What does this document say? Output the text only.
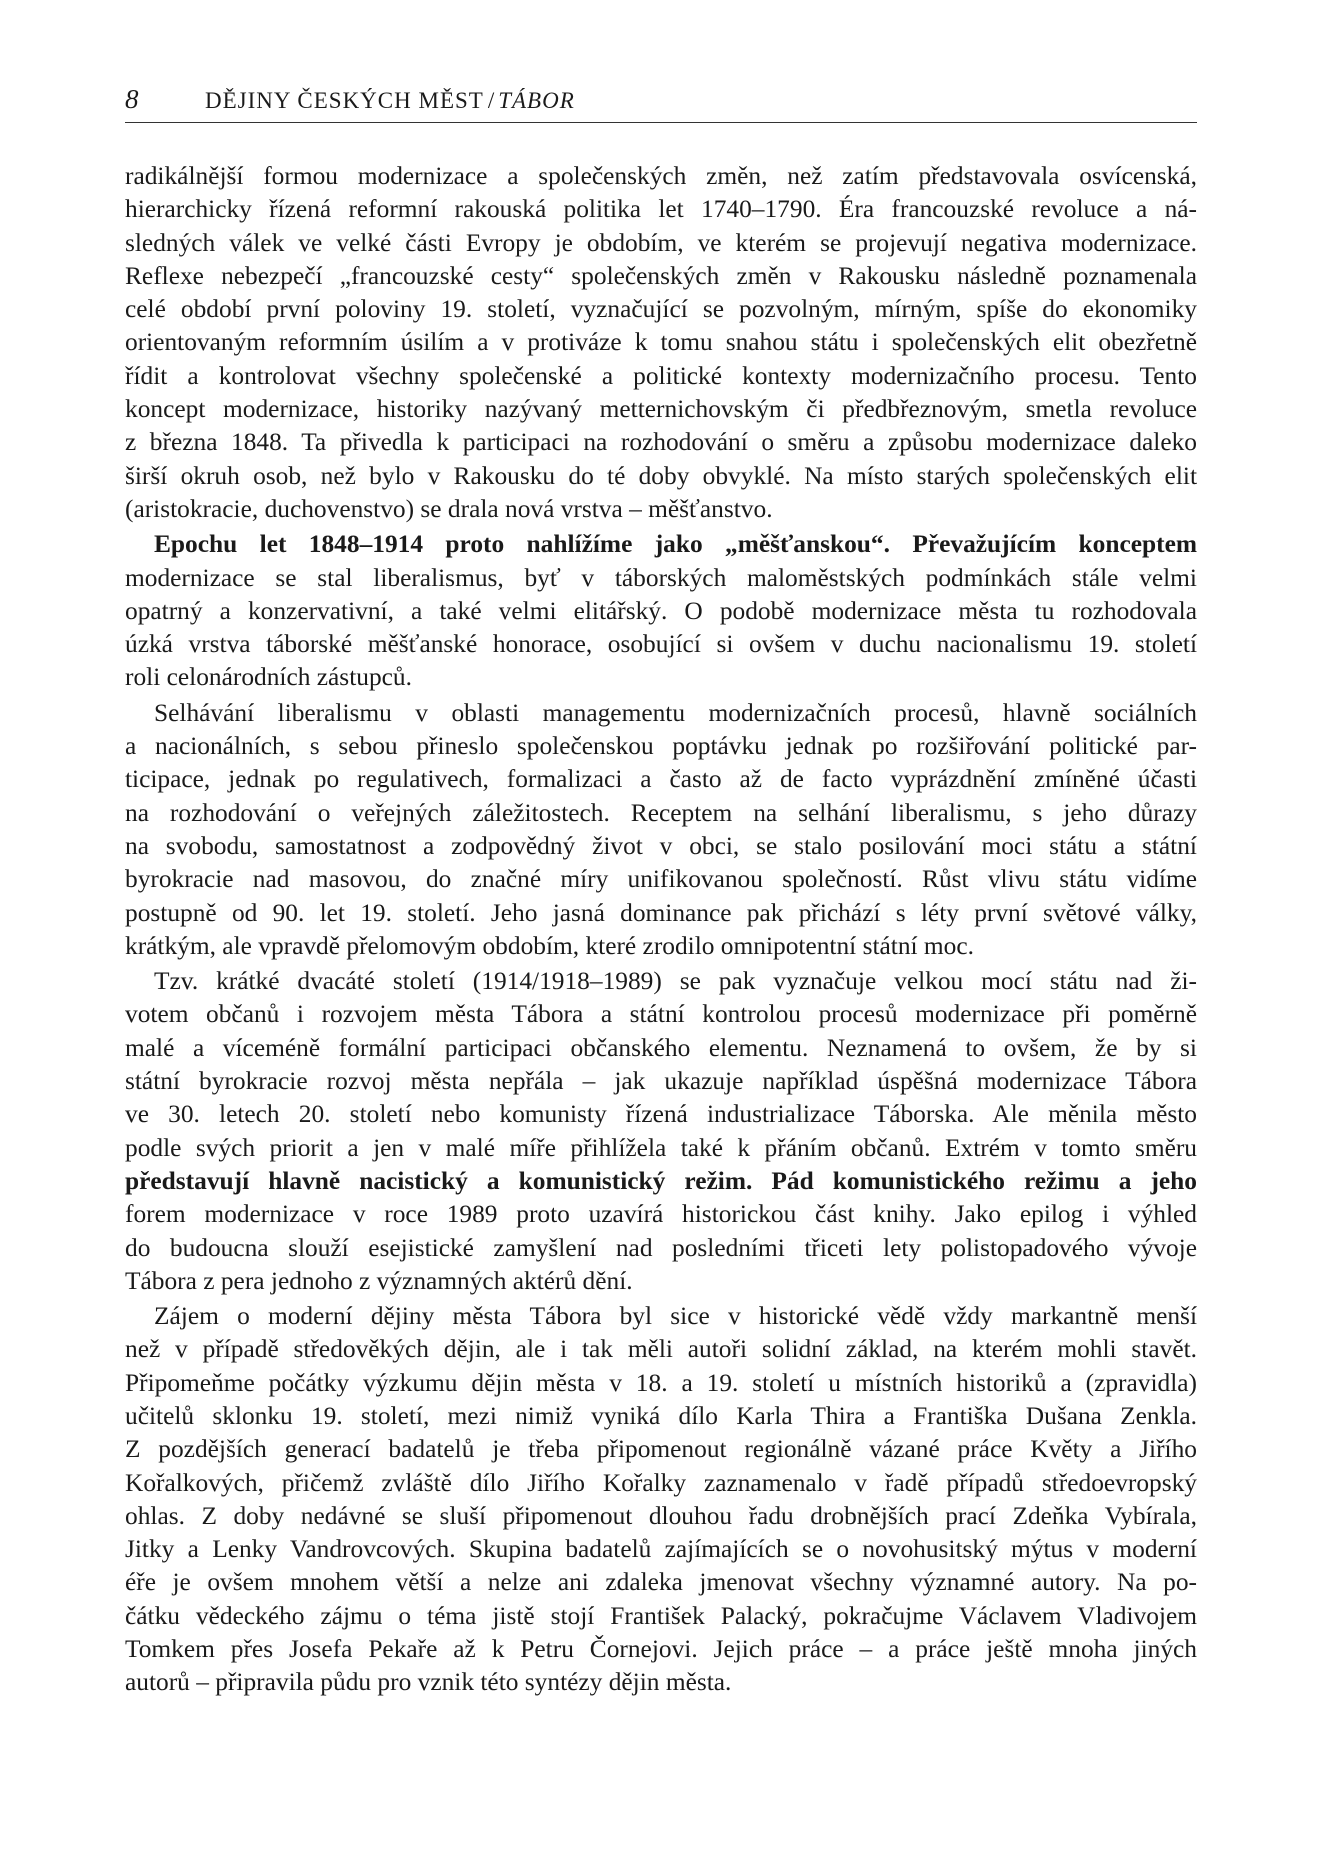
8	DĚJINY ČESKÝCH MĚST / TÁBOR
radikálnější formou modernizace a společenských změn, než zatím představovala osvícenská,
hierarchicky řízená reformní rakouská politika let 1740–1790. Éra francouzské revoluce a ná-
sledných válek ve velké části Evropy je obdobím, ve kterém se projevují negativa modernizace.
Reflexe nebezpečí „francouzské cesty“ společenských změn v Rakousku následně poznamenala
celé období první poloviny 19. století, vyznačující se pozvolným, mírným, spíše do ekonomiky
orientovaným reformním úsilím a v protiváze k tomu snahou státu i společenských elit obezřetně
řídit a kontrolovat všechny společenské a politické kontexty modernizačního procesu. Tento
koncept modernizace, historiky nazývaný metternichovským či předbřeznovým, smetla revoluce
z března 1848. Ta přivedla k participaci na rozhodování o směru a způsobu modernizace daleko
širší okruh osob, než bylo v Rakousku do té doby obvyklé. Na místo starých společenských elit
(aristokracie, duchovenstvo) se drala nová vrstva – měšťanstvo.
Epochu let 1848–1914 proto nahlížíme jako „měšťanskou“. Převažujícím konceptem
modernizace se stal liberalismus, byť v táborských maloměstských podmínkách stále velmi
opatrný a konzervativní, a také velmi elitářský. O podobě modernizace města tu rozhodovala
úzká vrstva táborské měšťanské honorace, osobující si ovšem v duchu nacionalismu 19. století
roli celonárodních zástupců.
Selhávání liberalismu v oblasti managementu modernizačních procesů, hlavně sociálních
a nacionálních, s sebou přineslo společenskou poptávku jednak po rozšiřování politické par-
ticipace, jednak po regulativech, formalizaci a často až de facto vyprázdnění zmíněné účasti
na rozhodování o veřejných záležitostech. Receptem na selhání liberalismu, s jeho důrazy
na svobodu, samostatnost a zodpovědný život v obci, se stalo posilování moci státu a státní
byrokracie nad masovou, do značné míry unifikovanou společností. Růst vlivu státu vidíme
postupně od 90. let 19. století. Jeho jasná dominance pak přichází s léty první světové války,
krátkým, ale vpravdě přelomovým obdobím, které zrodilo omnipotentní státní moc.
Tzv. krátké dvacáté století (1914/1918–1989) se pak vyznačuje velkou mocí státu nad ži-
votem občanů i rozvojem města Tábora a státní kontrolou procesů modernizace při poměrně
malé a víceméně formální participaci občanského elementu. Neznamená to ovšem, že by si
státní byrokracie rozvoj města nepřála – jak ukazuje například úspěšná modernizace Tábora
ve 30. letech 20. století nebo komunisty řízená industrializace Táborska. Ale měnila město
podle svých priorit a jen v malé míře přihlížela také k přáním občanů. Extrém v tomto směru
představují hlavně nacistický a komunistický režim. Pád komunistického režimu a jeho
forem modernizace v roce 1989 proto uzavírá historickou část knihy. Jako epilog i výhled
do budoucna slouží esejistické zamyšlení nad posledními třiceti lety polistopadového vývoje
Tábora z pera jednoho z významných aktérů dění.
Zájem o moderní dějiny města Tábora byl sice v historické vědě vždy markantně menší
než v případě středověkých dějin, ale i tak měli autoři solidní základ, na kterém mohli stavět.
Připomeňme počátky výzkumu dějin města v 18. a 19. století u místních historiků a (zpravidla)
učitelů sklonku 19. století, mezi nimiž vyniká dílo Karla Thira a Františka Dušana Zenkla.
Z pozdějších generací badatelů je třeba připomenout regionálně vázané práce Květy a Jiřího
Kořalkových, přičemž zvláště dílo Jiřího Kořalky zaznamenalo v řadě případů středoevropský
ohlas. Z doby nedávné se sluší připomenout dlouhou řadu drobnějších prací Zdeňka Vybírala,
Jitky a Lenky Vandrovcových. Skupina badatelů zajímajících se o novohusitský mýtus v moderní
éře je ovšem mnohem větší a nelze ani zdaleka jmenovat všechny významné autory. Na po-
čátku vědeckého zájmu o téma jistě stojí František Palacký, pokračujme Václavem Vladivojem
Tomkem přes Josefa Pekaře až k Petru Čornejovi. Jejich práce – a práce ještě mnoha jiných
autorů – připravila půdu pro vznik této syntézy dějin města.
